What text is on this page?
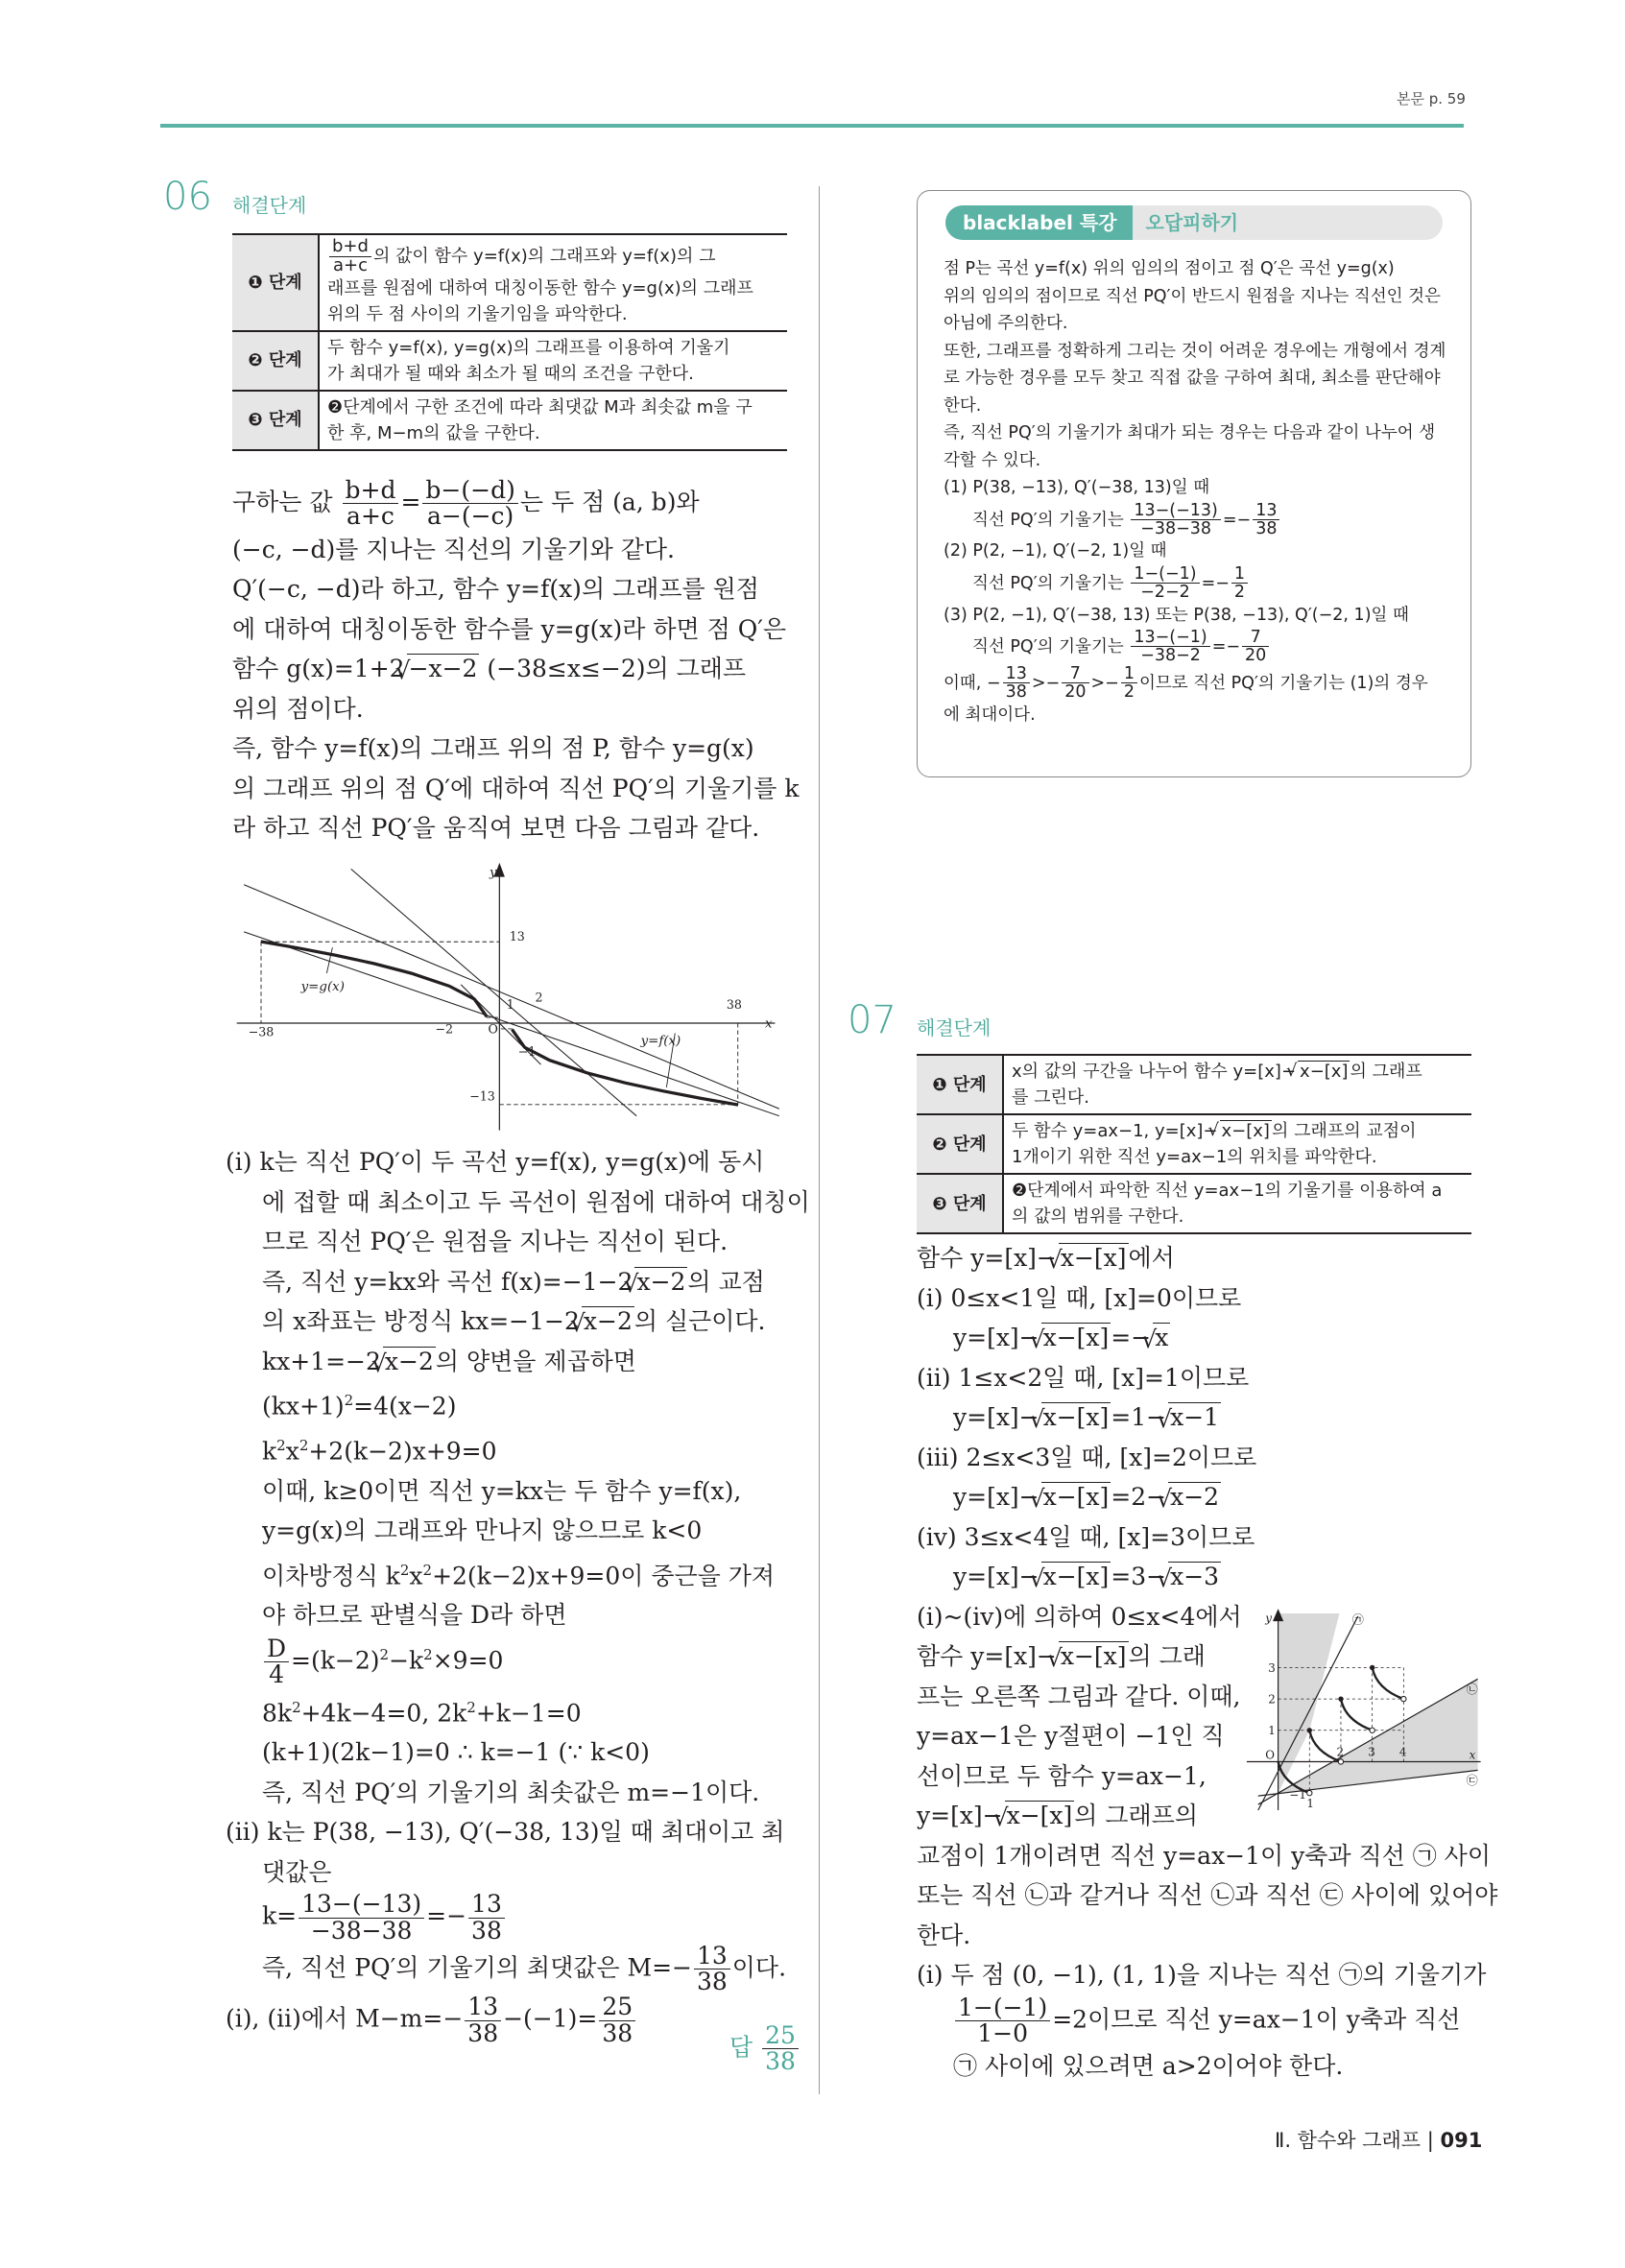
본문 p. 59
06 해결단계
❶ 단계	$\frac{b+d}{a+c}$ 의 값이 함수 y=f(x)의 그래프와 y=f(x)의 그
래프를 원점에 대하여 대칭이동한 함수 y=g(x)의 그래프
위의 두 점 사이의 기울기임을 파악한다.

❷ 단계	두 함수 y=f(x), y=g(x)의 그래프를 이용하여 기울기
가 최대가 될 때와 최소가 될 때의 조건을 구한다.

❸ 단계	❷단계에서 구한 조건에 따라 최댓값 M과 최솟값 m을 구
한 후, M−m의 값을 구한다.
구하는 값 $\frac{b+d}{a+c} = \frac{b-(-d)}{a-(-c)}$ 는 두 점 (a, b)와
(−c, −d)를 지나는 직선의 기울기와 같다.
Q′(−c, −d)라 하고, 함수 y=f(x)의 그래프를 원점
에 대하여 대칭이동한 함수를 y=g(x)라 하면 점 Q′은
함수 g(x)=1+2 √ −x−2 (−38≤x≤−2)의 그래프
위의 점이다.
즉, 함수 y=f(x)의 그래프 위의 점 P, 함수 y=g(x)
의 그래프 위의 점 Q′에 대하여 직선 PQ′의 기울기를 k
라 하고 직선 PQ′을 움직여 보면 다음 그림과 같다.
y
x
y=g(x)
y=f(x)
O
13
−13
−38
38
−2
2
1
−1
(i) k는 직선 PQ′이 두 곡선 y=f(x), y=g(x)에 동시
에 접할 때 최소이고 두 곡선이 원점에 대하여 대칭이
므로 직선 PQ′은 원점을 지나는 직선이 된다.
즉, 직선 y=kx와 곡선 f(x)=−1−2 √ x−2의 교점
의 x좌표는 방정식 kx=−1−2 √ x−2의 실근이다.
kx+1=−2 √ x−2의 양변을 제곱하면
$(kx+1)^2=4(x-2)$
$k^2x^2+2(k-2)x+9=0$
이때, k≥0이면 직선 y=kx는 두 함수 y=f(x),
y=g(x)의 그래프와 만나지 않으므로 k<0
이차방정식 $k^2x^2+2(k-2)x+9=0$이 중근을 가져
야 하므로 판별식을 D라 하면
$\frac{D}{4} =(k-2)^2-k^2\times 9=0$
$8k^2+4k-4=0$, $2k^2+k-1=0$
(k+1)(2k−1)=0 ∴ k=−1 (∵ k<0)
즉, 직선 PQ′의 기울기의 최솟값은 m=−1이다.
(ii) k는 P(38, −13), Q′(−38, 13)일 때 최대이고 최
댓값은
$k= \frac{13-(-13)}{-38-38} =- \frac{13}{38}$
즉, 직선 PQ′의 기울기의 최댓값은 $M=- \frac{13}{38}$ 이다.
(i), (ii)에서 $M-m=- \frac{13}{38} -(-1)= \frac{25}{38}$
답 $\frac{25}{38}$
blacklabel 특강 오답피하기
점 P는 곡선 y=f(x) 위의 임의의 점이고 점 Q′은 곡선 y=g(x)
위의 임의의 점이므로 직선 PQ′이 반드시 원점을 지나는 직선인 것은
아님에 주의한다.
또한, 그래프를 정확하게 그리는 것이 어려운 경우에는 개형에서 경계
로 가능한 경우를 모두 찾고 직접 값을 구하여 최대, 최소를 판단해야
한다.
즉, 직선 PQ′의 기울기가 최대가 되는 경우는 다음과 같이 나누어 생
각할 수 있다.
(1) P(38, −13), Q′(−38, 13)일 때
직선 PQ′의 기울기는 $\frac{13-(-13)}{-38-38} =- \frac{13}{38}$
(2) P(2, −1), Q′(−2, 1)일 때
직선 PQ′의 기울기는 $\frac{1-(-1)}{-2-2} =- \frac{1}{2}$
(3) P(2, −1), Q′(−38, 13) 또는 P(38, −13), Q′(−2, 1)일 때
직선 PQ′의 기울기는 $\frac{13-(-1)}{-38-2} =- \frac{7}{20}$
이때, − $\frac{13}{38} >- \frac{7}{20} >- \frac{1}{2}$ 이므로 직선 PQ′의 기울기는 (1)의 경우
에 최대이다.
07 해결단계
❶ 단계	x의 값의 구간을 나누어 함수 y=[x]− √ x−[x] 의 그래프
를 그린다.

❷ 단계	두 함수 y=ax−1, y=[x]− √ x−[x] 의 그래프의 교점이
1개이기 위한 직선 y=ax−1의 위치를 파악한다.

❸ 단계	❷단계에서 파악한 직선 y=ax−1의 기울기를 이용하여 a
의 값의 범위를 구한다.
함수 y=[x]− √ x−[x]에서
(i) 0≤x<1일 때, [x]=0이므로
y=[x]− √ x−[x]=− √ x
(ii) 1≤x<2일 때, [x]=1이므로
y=[x]− √ x−[x]=1− √ x−1
(iii) 2≤x<3일 때, [x]=2이므로
y=[x]− √ x−[x]=2− √ x−2
(iv) 3≤x<4일 때, [x]=3이므로
y=[x]− √ x−[x]=3− √ x−3
(i)~(iv)에 의하여 0≤x<4에서
함수 y=[x]− √ x−[x]의 그래
프는 오른쪽 그림과 같다. 이때,
y=ax−1은 y절편이 −1인 직
선이므로 두 함수 y=ax−1,
y=[x]− √ x−[x]의 그래프의
교점이 1개이려면 직선 y=ax−1이 y축과 직선 ㉠ 사이
또는 직선 ㉡과 같거나 직선 ㉡과 직선 ㉢ 사이에 있어야
한다.
(i) 두 점 (0, −1), (1, 1)을 지나는 직선 ㉠의 기울기가
$\frac{1-(-1)}{1-0} =2$이므로 직선 y=ax−1이 y축과 직선
㉠ 사이에 있으려면 a>2이어야 한다.
y
x
O
1
2
3
2	3	4
−1
1
㉠
㉡
㉢
Ⅱ. 함수와 그래프 | 091
